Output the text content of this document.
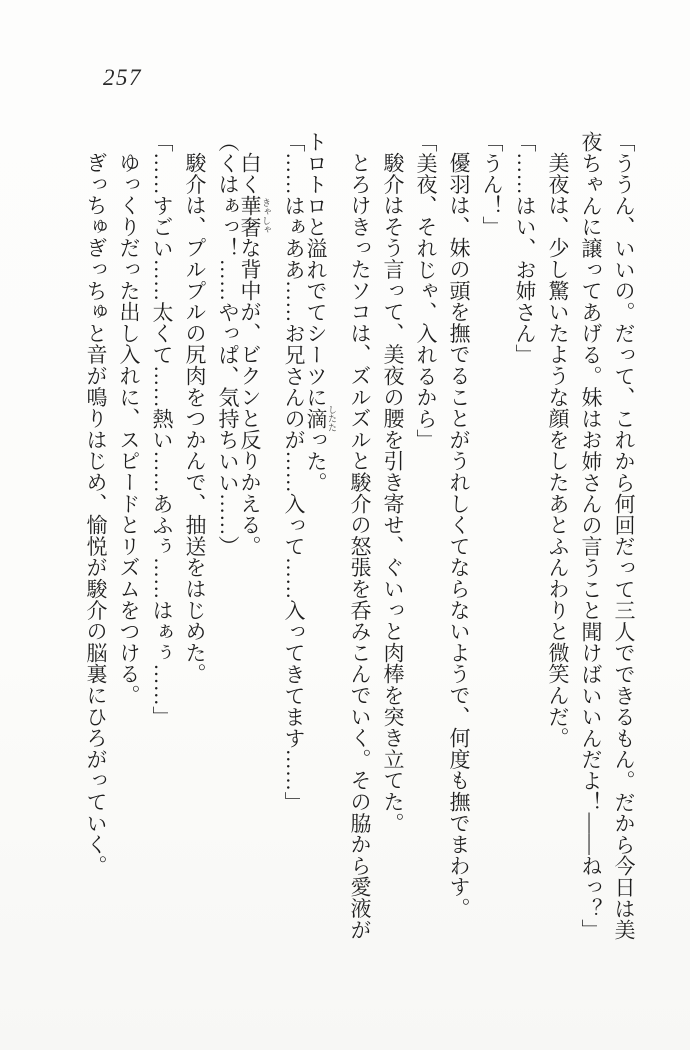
257
「ううん、いいの。だって、これから何回だって三人でできるもん。だから今日は美
夜ちゃんに譲ってあげる。妹はお姉さんの言うこと聞けばいいんだよ！――ねっ？」
美夜は、少し驚いたような顔をしたあとふんわりと微笑んだ。
「……はい、お姉さん」
「うん！」
優羽は、妹の頭を撫でることがうれしくてならないようで、何度も撫でまわす。
「美夜、それじゃ、入れるから」
駿介はそう言って、美夜の腰を引き寄せ、ぐいっと肉棒を突き立てた。
とろけきったソコは、ズルズルと駿介の怒張を呑みこんでいく。その脇から愛液が
トロトロと溢れでてシーツに滴 したたった。
「……はぁああ……お兄さんのが……入って……入ってきてます……」
白く華奢 きゃしゃな背中が、ビクンと反りかえる。
（くはぁっ！……やっぱ、気持ちいい……）
駿介は、プルプルの尻肉をつかんで、抽送をはじめた。
「……すごい……太くて……熱い……あふぅ……はぁぅ……」
ゆっくりだった出し入れに、スピードとリズムをつける。
ぎっちゅぎっちゅと音が鳴りはじめ、愉悦が駿介の脳裏にひろがっていく。
